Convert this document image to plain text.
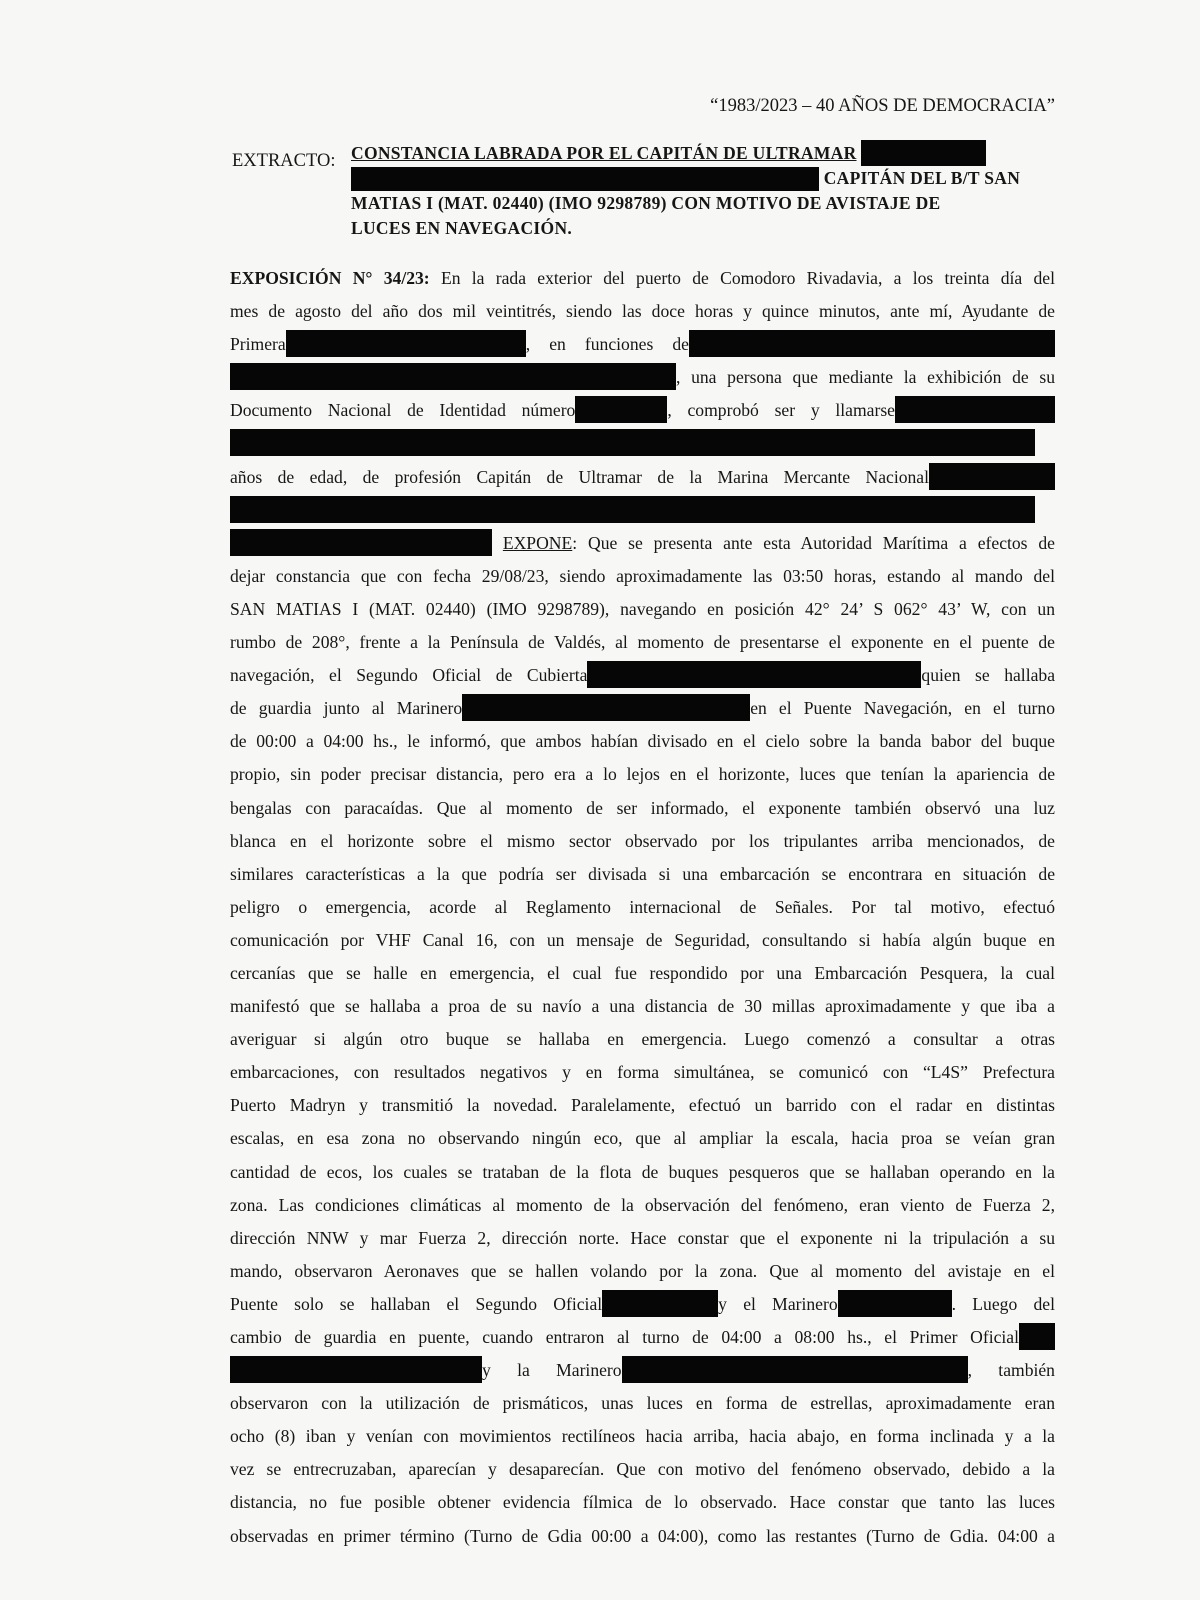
“1983/2023 – 40 AÑOS DE DEMOCRACIA”
EXTRACTO: CONSTANCIA LABRADA POR EL CAPITÁN DE ULTRAMAR
CAPITÁN DEL B/T SAN
MATIAS I (MAT. 02440) (IMO 9298789) CON MOTIVO DE AVISTAJE DE
LUCES EN NAVEGACIÓN.
EXPOSICIÓN N° 34/23: En la rada exterior del puerto de Comodoro Rivadavia, a los treinta día del
mes de agosto del año dos mil veintitrés, siendo las doce horas y quince minutos, ante mí, Ayudante de
Primera	, en funciones de
, una persona que mediante la exhibición de su
Documento Nacional de Identidad número	, comprobó ser y llamarse
años de edad, de profesión Capitán de Ultramar de la Marina Mercante Nacional
EXPONE: Que se presenta ante esta Autoridad Marítima a efectos de
dejar constancia que con fecha 29/08/23, siendo aproximadamente las 03:50 horas, estando al mando del
SAN MATIAS I (MAT. 02440) (IMO 9298789), navegando en posición 42° 24’ S 062° 43’ W, con un
rumbo de 208°, frente a la Península de Valdés, al momento de presentarse el exponente en el puente de
navegación, el Segundo Oficial de Cubierta	quien se hallaba
de guardia junto al Marinero	en el Puente Navegación, en el turno
de 00:00 a 04:00 hs., le informó, que ambos habían divisado en el cielo sobre la banda babor del buque
propio, sin poder precisar distancia, pero era a lo lejos en el horizonte, luces que tenían la apariencia de
bengalas con paracaídas. Que al momento de ser informado, el exponente también observó una luz
blanca en el horizonte sobre el mismo sector observado por los tripulantes arriba mencionados, de
similares características a la que podría ser divisada si una embarcación se encontrara en situación de
peligro o emergencia, acorde al Reglamento internacional de Señales. Por tal motivo, efectuó
comunicación por VHF Canal 16, con un mensaje de Seguridad, consultando si había algún buque en
cercanías que se halle en emergencia, el cual fue respondido por una Embarcación Pesquera, la cual
manifestó que se hallaba a proa de su navío a una distancia de 30 millas aproximadamente y que iba a
averiguar si algún otro buque se hallaba en emergencia. Luego comenzó a consultar a otras
embarcaciones, con resultados negativos y en forma simultánea, se comunicó con “L4S” Prefectura
Puerto Madryn y transmitió la novedad. Paralelamente, efectuó un barrido con el radar en distintas
escalas, en esa zona no observando ningún eco, que al ampliar la escala, hacia proa se veían gran
cantidad de ecos, los cuales se trataban de la flota de buques pesqueros que se hallaban operando en la
zona. Las condiciones climáticas al momento de la observación del fenómeno, eran viento de Fuerza 2,
dirección NNW y mar Fuerza 2, dirección norte. Hace constar que el exponente ni la tripulación a su
mando, observaron Aeronaves que se hallen volando por la zona. Que al momento del avistaje en el
Puente solo se hallaban el Segundo Oficial	y el Marinero	. Luego del
cambio de guardia en puente, cuando entraron al turno de 04:00 a 08:00 hs., el Primer Oficial
y la Marinero	, también
observaron con la utilización de prismáticos, unas luces en forma de estrellas, aproximadamente eran
ocho (8) iban y venían con movimientos rectilíneos hacia arriba, hacia abajo, en forma inclinada y a la
vez se entrecruzaban, aparecían y desaparecían. Que con motivo del fenómeno observado, debido a la
distancia, no fue posible obtener evidencia fílmica de lo observado. Hace constar que tanto las luces
observadas en primer término (Turno de Gdia 00:00 a 04:00), como las restantes (Turno de Gdia. 04:00 a
